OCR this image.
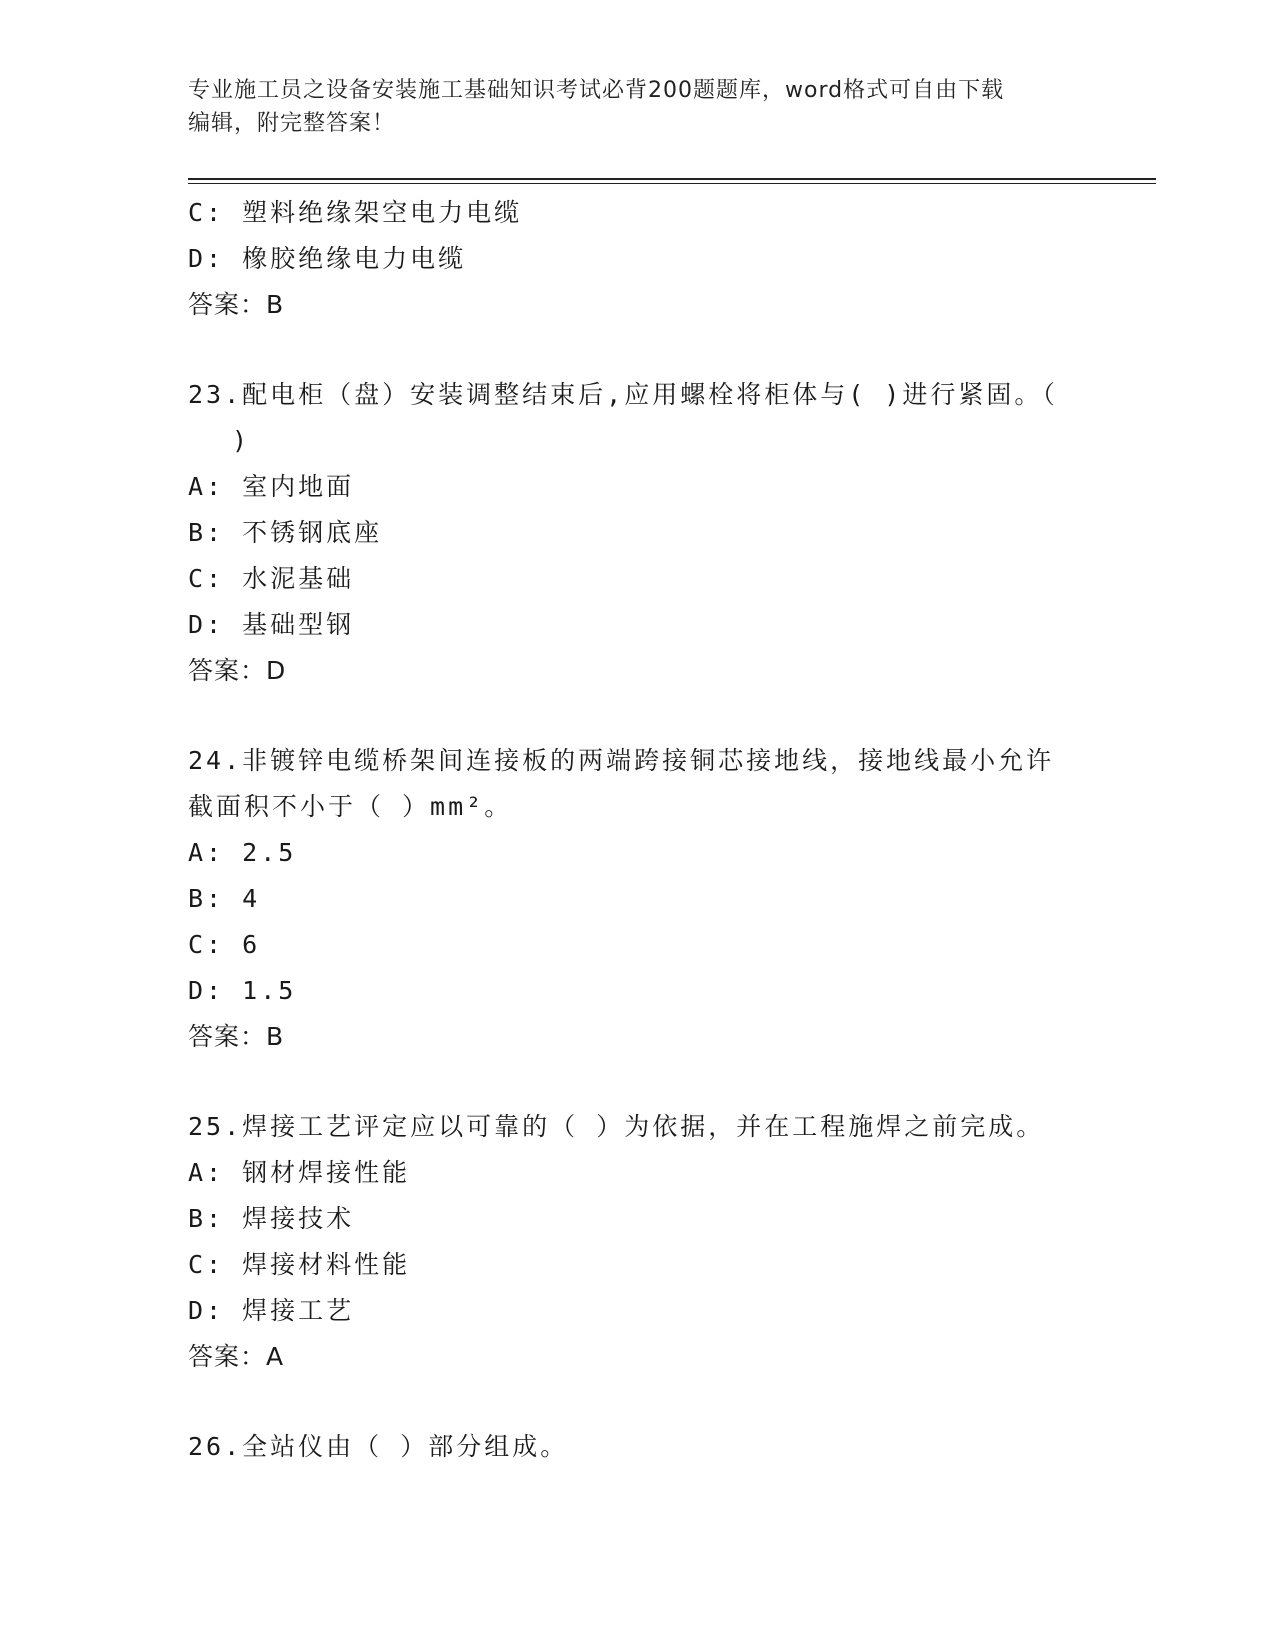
专业施工员之设备安装施工基础知识考试必背200题题库，word格式可自由下载
编辑，附完整答案！
C: 塑料绝缘架空电力电缆
D: 橡胶绝缘电力电缆
答案：B
23.配电柜（盘）安装调整结束后,应用螺栓将柜体与( )进行紧固。（
)
A: 室内地面
B: 不锈钢底座
C: 水泥基础
D: 基础型钢
答案：D
24.非镀锌电缆桥架间连接板的两端跨接铜芯接地线，接地线最小允许
截面积不小于（ ）mm²。
A: 2.5
B: 4
C: 6
D: 1.5
答案：B
25.焊接工艺评定应以可靠的（ ）为依据，并在工程施焊之前完成。
A: 钢材焊接性能
B: 焊接技术
C: 焊接材料性能
D: 焊接工艺
答案：A
26.全站仪由（ ）部分组成。
